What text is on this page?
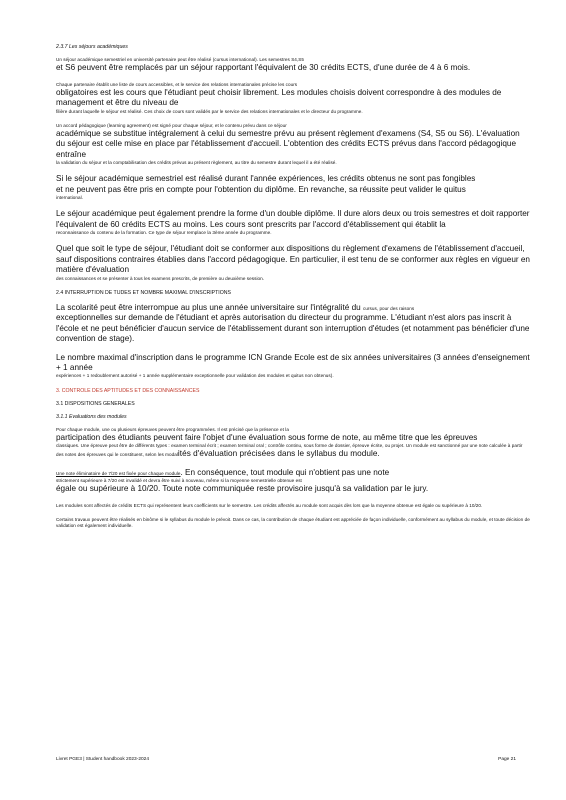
2.3.7 Les séjours académiques

Un séjour académique semestriel en université partenaire peut être réalisé (cursus international). Les semestres S4,S5

et S6 peuvent être remplacés par un séjour rapportant l'équivalent de 30 crédits ECTS, d'une durée de 4 à 6 mois.

Chaque partenaire établit une liste de cours accessibles, et le service des relations internationales précise les cours

obligatoires est les cours que l'étudiant peut choisir librement. Les modules choisis doivent correspondre à des modules de management et être du niveau de

filière durant laquelle le séjour est réalisé. Ces choix de cours sont validés par le service des relations internationales et le directeur du programme.

Un accord pédagogique (learning agreement) est signé pour chaque séjour, et le contenu prévu dans ce séjour

académique se substitue intégralement à celui du semestre prévu au présent règlement d'examens (S4, S5 ou S6). L'évaluation du séjour est celle mise en place par l'établissement d'accueil. L'obtention des crédits ECTS prévus dans l'accord pédagogique entraîne

la validation du séjour et la comptabilisation des crédits prévus au présent règlement, au titre du semestre durant lequel il a été réalisé.

Si le séjour académique semestriel est réalisé durant l'année expériences, les crédits obtenus ne sont pas fongibles

et ne peuvent pas être pris en compte pour l'obtention du diplôme. En revanche, sa réussite peut valider le quitus

international.

Le séjour académique peut également prendre la forme d'un double diplôme. Il dure alors deux ou trois semestres et doit rapporter l'équivalent de 60 crédits ECTS au moins. Les cours sont prescrits par l'accord d'établissement qui établit la

reconnaissance du contenu de la formation. Ce type de séjour remplace la 3ème année du programme.

Quel que soit le type de séjour, l'étudiant doit se conformer aux dispositions du règlement d'examens de l'établissement d'accueil, sauf dispositions contraires établies dans l'accord pédagogique. En particulier, il est tenu de se conformer aux règles en vigueur en matière d'évaluation

des connaissances et se présenter à tous les examens prescrits, de première ou deuxième session.

2.4 INTERRUPTION DE TUDES ET NOMBRE MAXIMAL D'INSCRIPTIONS

La scolarité peut être interrompue au plus une année universitaire sur l'intégralité du cursus, pour des raisons

exceptionnelles sur demande de l'étudiant et après autorisation du directeur du programme. L'étudiant n'est alors pas inscrit à l'école et ne peut bénéficier d'aucun service de l'établissement durant son interruption d'études (et notamment pas bénéficier d'une convention de stage).

Le nombre maximal d'inscription dans le programme ICN Grande Ecole est de six années universitaires (3 années d'enseignement + 1 année

expériences + 1 redoublement autorisé + 1 année supplémentaire exceptionnelle pour validation des modules et quitus non obtenus).

3. CONTROLE DES APTITUDES ET DES CONNAISSANCES
3.1 DISPOSITIONS GENERALES
3.1.1 Evaluations des modules

Pour chaque module, une ou plusieurs épreuves peuvent être programmées. Il est précisé que la présence et la

participation des étudiants peuvent faire l'objet d'une évaluation sous forme de note, au même titre que les épreuves

classiques. Une épreuve peut être de différents types : examen terminal écrit ; examen terminal oral ; contrôle continu, sous forme de dossier, épreuve écrite, ou projet. Un module est sanctionné par une note calculée à partir des notes des épreuves qui le constituent, selon les modalités d'évaluation précisées dans le syllabus du module.

Une note éliminatoire de 7/20 est fixée pour chaque module. En conséquence, tout module qui n'obtient pas une note

strictement supérieure à 7/20 est invalidé et devra être suivi à nouveau, même si la moyenne semestrielle obtenue est

égale ou supérieure à 10/20. Toute note communiquée reste provisoire jusqu'à sa validation par le jury.

Les modules sont affectés de crédits ECTS qui représentent leurs coefficients sur le semestre. Les crédits affectés au module sont acquis dès lors que la moyenne obtenue est égale ou supérieure à 10/20.

Certains travaux peuvent être réalisés en binôme si le syllabus du module le prévoit. Dans ce cas, la contribution de chaque étudiant est appréciée de façon individuelle, conformément au syllabus du module, et toute décision de validation est également individuelle.

Livret PGE3 | Student handbook 2023-2024	Page 21
